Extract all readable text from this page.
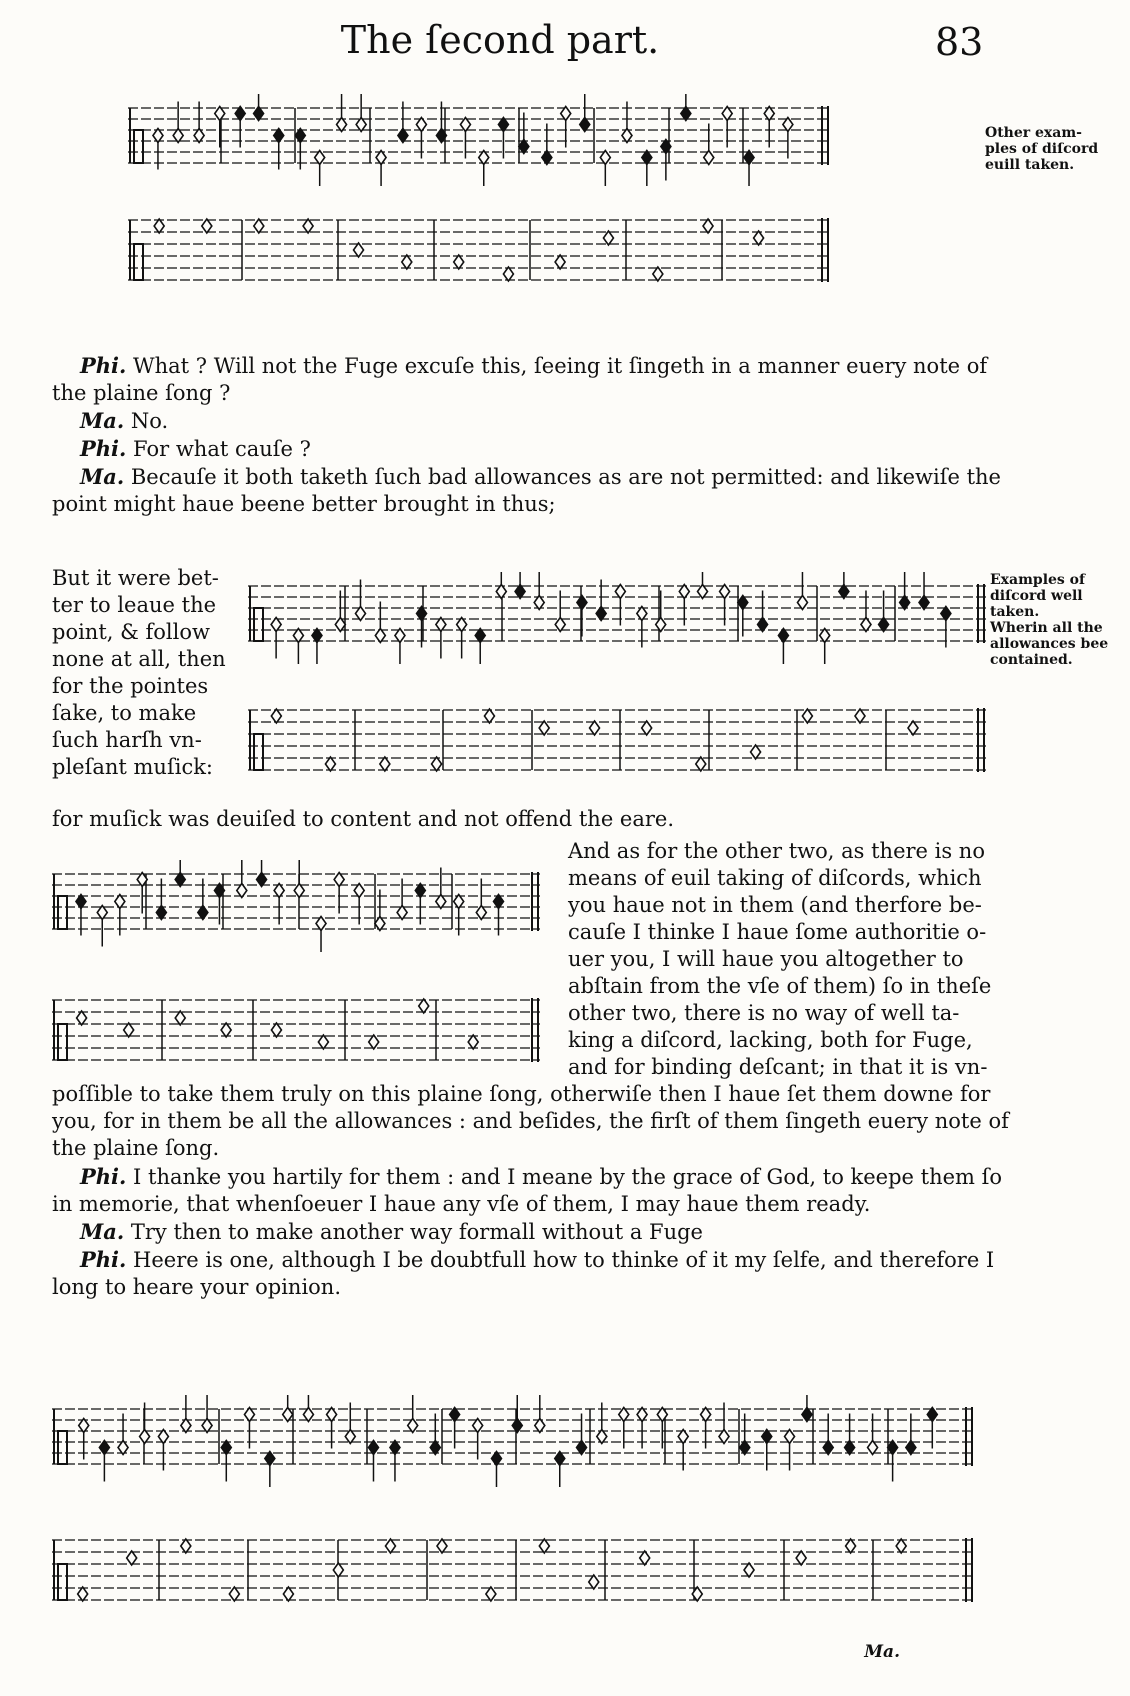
The ſecond part.	83
Other exam-
ples of diſcord
euill taken.
Phi. What ? Will not the Fuge excuſe this, ſeeing it ſingeth in a manner euery note of
the plaine ſong ?
Ma. No.
Phi. For what cauſe ?
Ma. Becauſe it both taketh ſuch bad allowances as are not permitted: and likewiſe the
point might haue beene better brought in thus;
But it were bet-
ter to leaue the
point, & follow
none at all, then
for the pointes
ſake, to make
ſuch harſh vn-
pleſant muſick:
Examples of
diſcord well
taken.
Wherin all the
allowances bee
contained.
for muſick was deuiſed to content and not offend the eare.
And as for the other two, as there is no
means of euil taking of diſcords, which
you haue not in them (and therfore be-
cauſe I thinke I haue ſome authoritie o-
uer you, I will haue you altogether to
abſtain from the vſe of them) ſo in theſe
other two, there is no way of well ta-
king a diſcord, lacking, both for Fuge,
and for binding deſcant; in that it is vn-
poſſible to take them truly on this plaine ſong, otherwiſe then I haue ſet them downe for
you, for in them be all the allowances : and beſides, the firſt of them ſingeth euery note of
the plaine ſong.
Phi. I thanke you hartily for them : and I meane by the grace of God, to keepe them ſo
in memorie, that whenſoeuer I haue any vſe of them, I may haue them ready.
Ma. Try then to make another way formall without a Fuge
Phi. Heere is one, although I be doubtfull how to thinke of it my ſelfe, and therefore I
long to heare your opinion.
Ma.
